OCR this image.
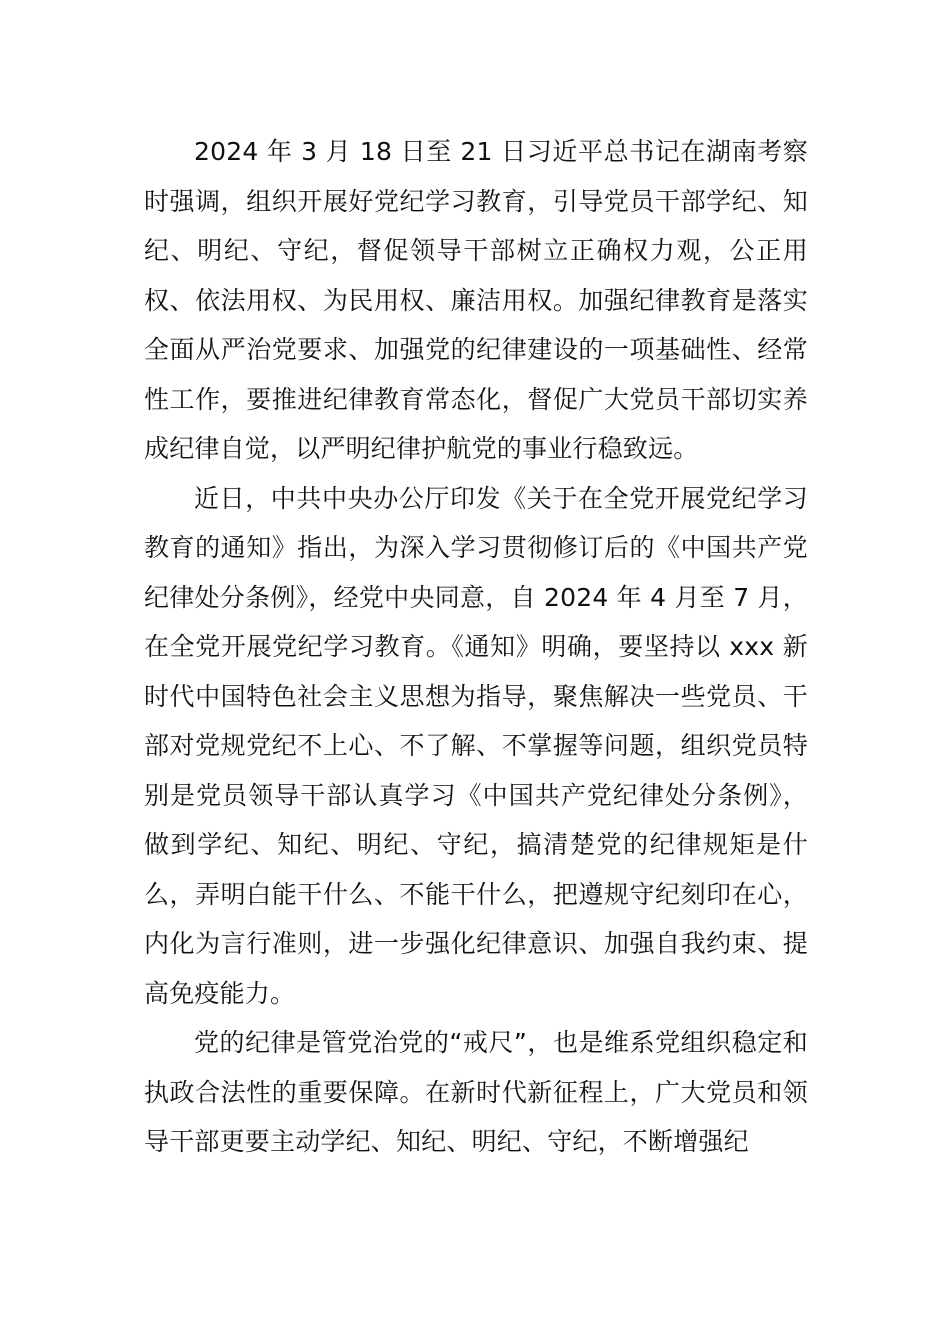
2024 年 3 月 18 日至 21 日习近平总书记在湖南考察时强调，组织开展好党纪学习教育，引导党员干部学纪、知纪、明纪、守纪，督促领导干部树立正确权力观，公正用权、依法用权、为民用权、廉洁用权。加强纪律教育是落实全面从严治党要求、加强党的纪律建设的一项基础性、经常性工作，要推进纪律教育常态化，督促广大党员干部切实养成纪律自觉，以严明纪律护航党的事业行稳致远。

近日，中共中央办公厅印发《关于在全党开展党纪学习教育的通知》指出，为深入学习贯彻修订后的《中国共产党纪律处分条例》，经党中央同意，自 2024 年 4 月至 7 月，在全党开展党纪学习教育。《通知》明确，要坚持以 xxx 新时代中国特色社会主义思想为指导，聚焦解决一些党员、干部对党规党纪不上心、不了解、不掌握等问题，组织党员特别是党员领导干部认真学习《中国共产党纪律处分条例》，做到学纪、知纪、明纪、守纪，搞清楚党的纪律规矩是什么，弄明白能干什么、不能干什么，把遵规守纪刻印在心，内化为言行准则，进一步强化纪律意识、加强自我约束、提高免疫能力。

党的纪律是管党治党的“戒尺”，也是维系党组织稳定和执政合法性的重要保障。在新时代新征程上，广大党员和领导干部更要主动学纪、知纪、明纪、守纪，不断增强纪
